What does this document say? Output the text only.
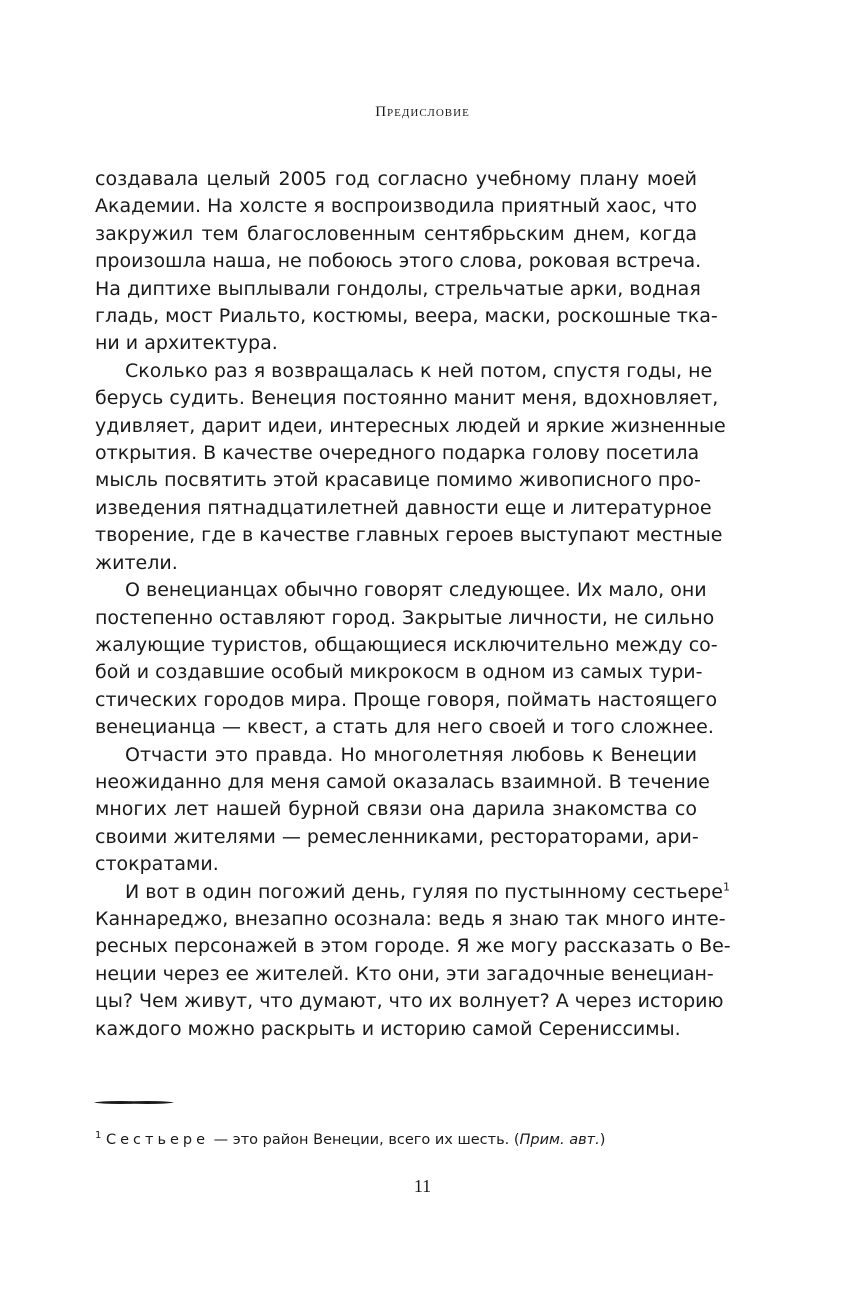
Предисловие

создавала целый 2005 год согласно учебному плану моей
Академии. На холсте я воспроизводила приятный хаос, что
закружил тем благословенным сентябрьским днем, когда
произошла наша, не побоюсь этого слова, роковая встреча.
На диптихе выплывали гондолы, стрельчатые арки, водная
гладь, мост Риальто, костюмы, веера, маски, роскошные тка-
ни и архитектура.

Сколько раз я возвращалась к ней потом, спустя годы, не
берусь судить. Венеция постоянно манит меня, вдохновляет,
удивляет, дарит идеи, интересных людей и яркие жизненные
открытия. В качестве очередного подарка голову посетила
мысль посвятить этой красавице помимо живописного про-
изведения пятнадцатилетней давности еще и литературное
творение, где в качестве главных героев выступают местные
жители.

О венецианцах обычно говорят следующее. Их мало, они
постепенно оставляют город. Закрытые личности, не сильно
жалующие туристов, общающиеся исключительно между со-
бой и создавшие особый микрокосм в одном из самых тури-
стических городов мира. Проще говоря, поймать настоящего
венецианца — квест, а стать для него своей и того сложнее.

Отчасти это правда. Но многолетняя любовь к Венеции
неожиданно для меня самой оказалась взаимной. В течение
многих лет нашей бурной связи она дарила знакомства со
своими жителями — ремесленниками, рестораторами, ари-
стократами.

И вот в один погожий день, гуляя по пустынному сестьере$^1$
Каннареджо, внезапно осознала: ведь я знаю так много инте-
ресных персонажей в этом городе. Я же могу рассказать о Ве-
неции через ее жителей. Кто они, эти загадочные венециан-
цы? Чем живут, что думают, что их волнует? А через историю
каждого можно раскрыть и историю самой Серениссимы.

$^1$ Сестьере — это район Венеции, всего их шесть. (Прим. авт.)
11
